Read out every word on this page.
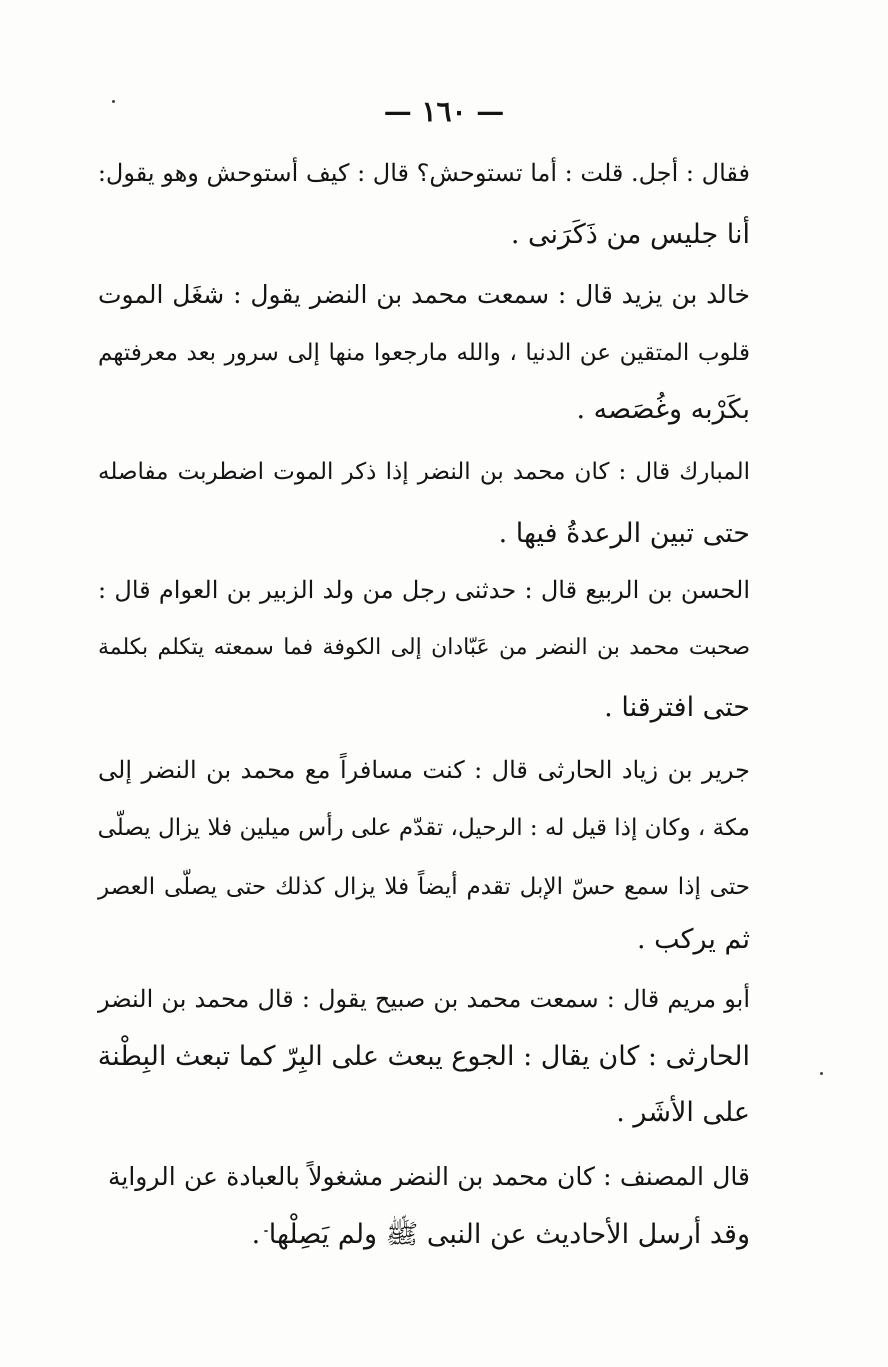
— ١٦٠ —
فقال : أجل. قلت : أما تستوحش؟ قال : كيف أستوحش وهو يقول:
أنا جليس من ذَكَرَنى .
خالد بن يزيد قال : سمعت محمد بن النضر يقول : شغَل الموت
قلوب المتقين عن الدنيا ، والله مارجعوا منها إلى سرور بعد معرفتهم
بكَرْبه وغُصَصه .
المبارك قال : كان محمد بن النضر إذا ذكر الموت اضطربت مفاصله
حتى تبين الرعدةُ فيها .
الحسن بن الربيع قال : حدثنى رجل من ولد الزبير بن العوام قال :
صحبت محمد بن النضر من عَبّادان إلى الكوفة فما سمعته يتكلم بكلمة
حتى افترقنا .
جرير بن زياد الحارثى قال : كنت مسافراً مع محمد بن النضر إلى
مكة ، وكان إذا قيل له : الرحيل، تقدّم على رأس ميلين فلا يزال يصلّى
حتى إذا سمع حسّ الإبل تقدم أيضاً فلا يزال كذلك حتى يصلّى العصر
ثم يركب .
أبو مريم قال : سمعت محمد بن صبيح يقول : قال محمد بن النضر
الحارثى : كان يقال : الجوع يبعث على البِرّ كما تبعث البِطْنة
على الأشَر .
قال المصنف : كان محمد بن النضر مشغولاً بالعبادة عن الرواية
وقد أرسل الأحاديث عن النبى ﷺ ولم يَصِلْها .
